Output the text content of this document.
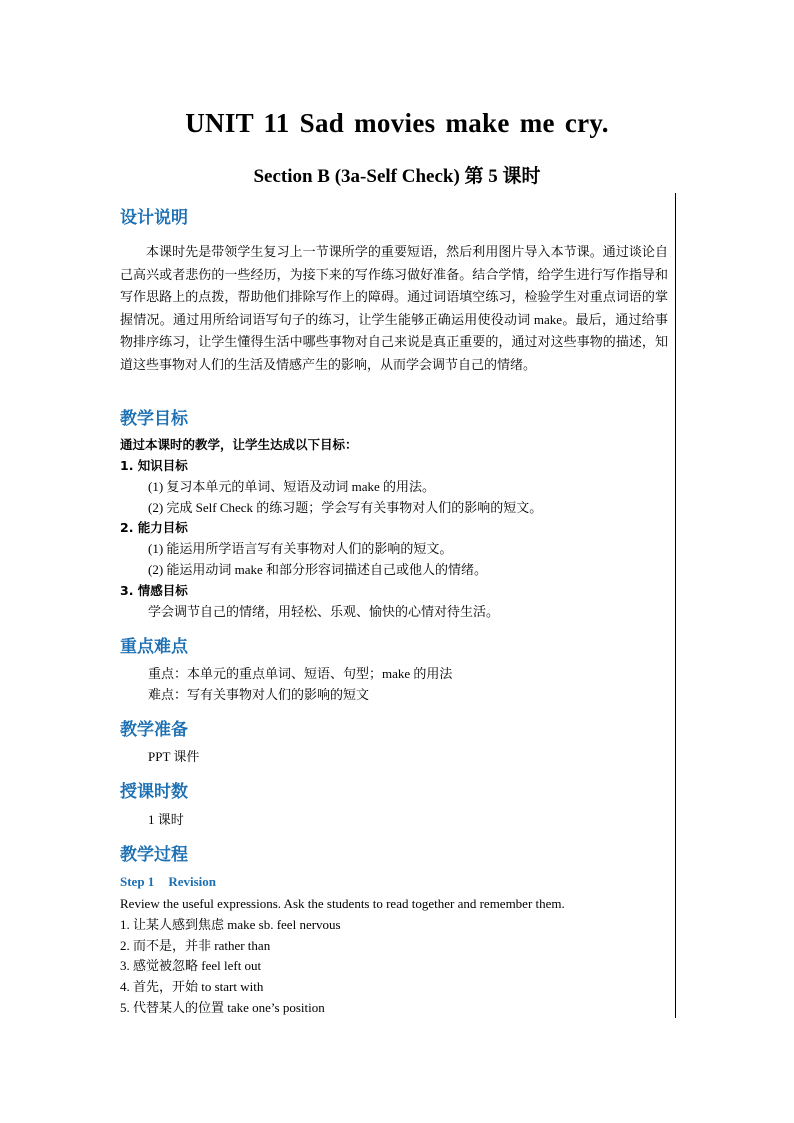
UNIT 11 Sad movies make me cry.
Section B (3a-Self Check) 第 5 课时
设计说明
本课时先是带领学生复习上一节课所学的重要短语，然后利用图片导入本节课。通过谈论自己高兴或者悲伤的一些经历，为接下来的写作练习做好准备。结合学情，给学生进行写作指导和写作思路上的点拨，帮助他们排除写作上的障碍。通过词语填空练习，检验学生对重点词语的掌握情况。通过用所给词语写句子的练习，让学生能够正确运用使役动词 make。最后，通过给事物排序练习，让学生懂得生活中哪些事物对自己来说是真正重要的，通过对这些事物的描述，知道这些事物对人们的生活及情感产生的影响，从而学会调节自己的情绪。
教学目标
通过本课时的教学，让学生达成以下目标：
1. 知识目标
(1) 复习本单元的单词、短语及动词 make 的用法。
(2) 完成 Self Check 的练习题；学会写有关事物对人们的影响的短文。
2. 能力目标
(1) 能运用所学语言写有关事物对人们的影响的短文。
(2) 能运用动词 make 和部分形容词描述自己或他人的情绪。
3. 情感目标
学会调节自己的情绪，用轻松、乐观、愉快的心情对待生活。
重点难点
重点：本单元的重点单词、短语、句型；make 的用法
难点：写有关事物对人们的影响的短文
教学准备
PPT 课件
授课时数
1 课时
教学过程
Step 1 Revision
Review the useful expressions. Ask the students to read together and remember them.
1. 让某人感到焦虑 make sb. feel nervous
2. 而不是，并非 rather than
3. 感觉被忽略 feel left out
4. 首先，开始 to start with
5. 代替某人的位置 take one’s position
